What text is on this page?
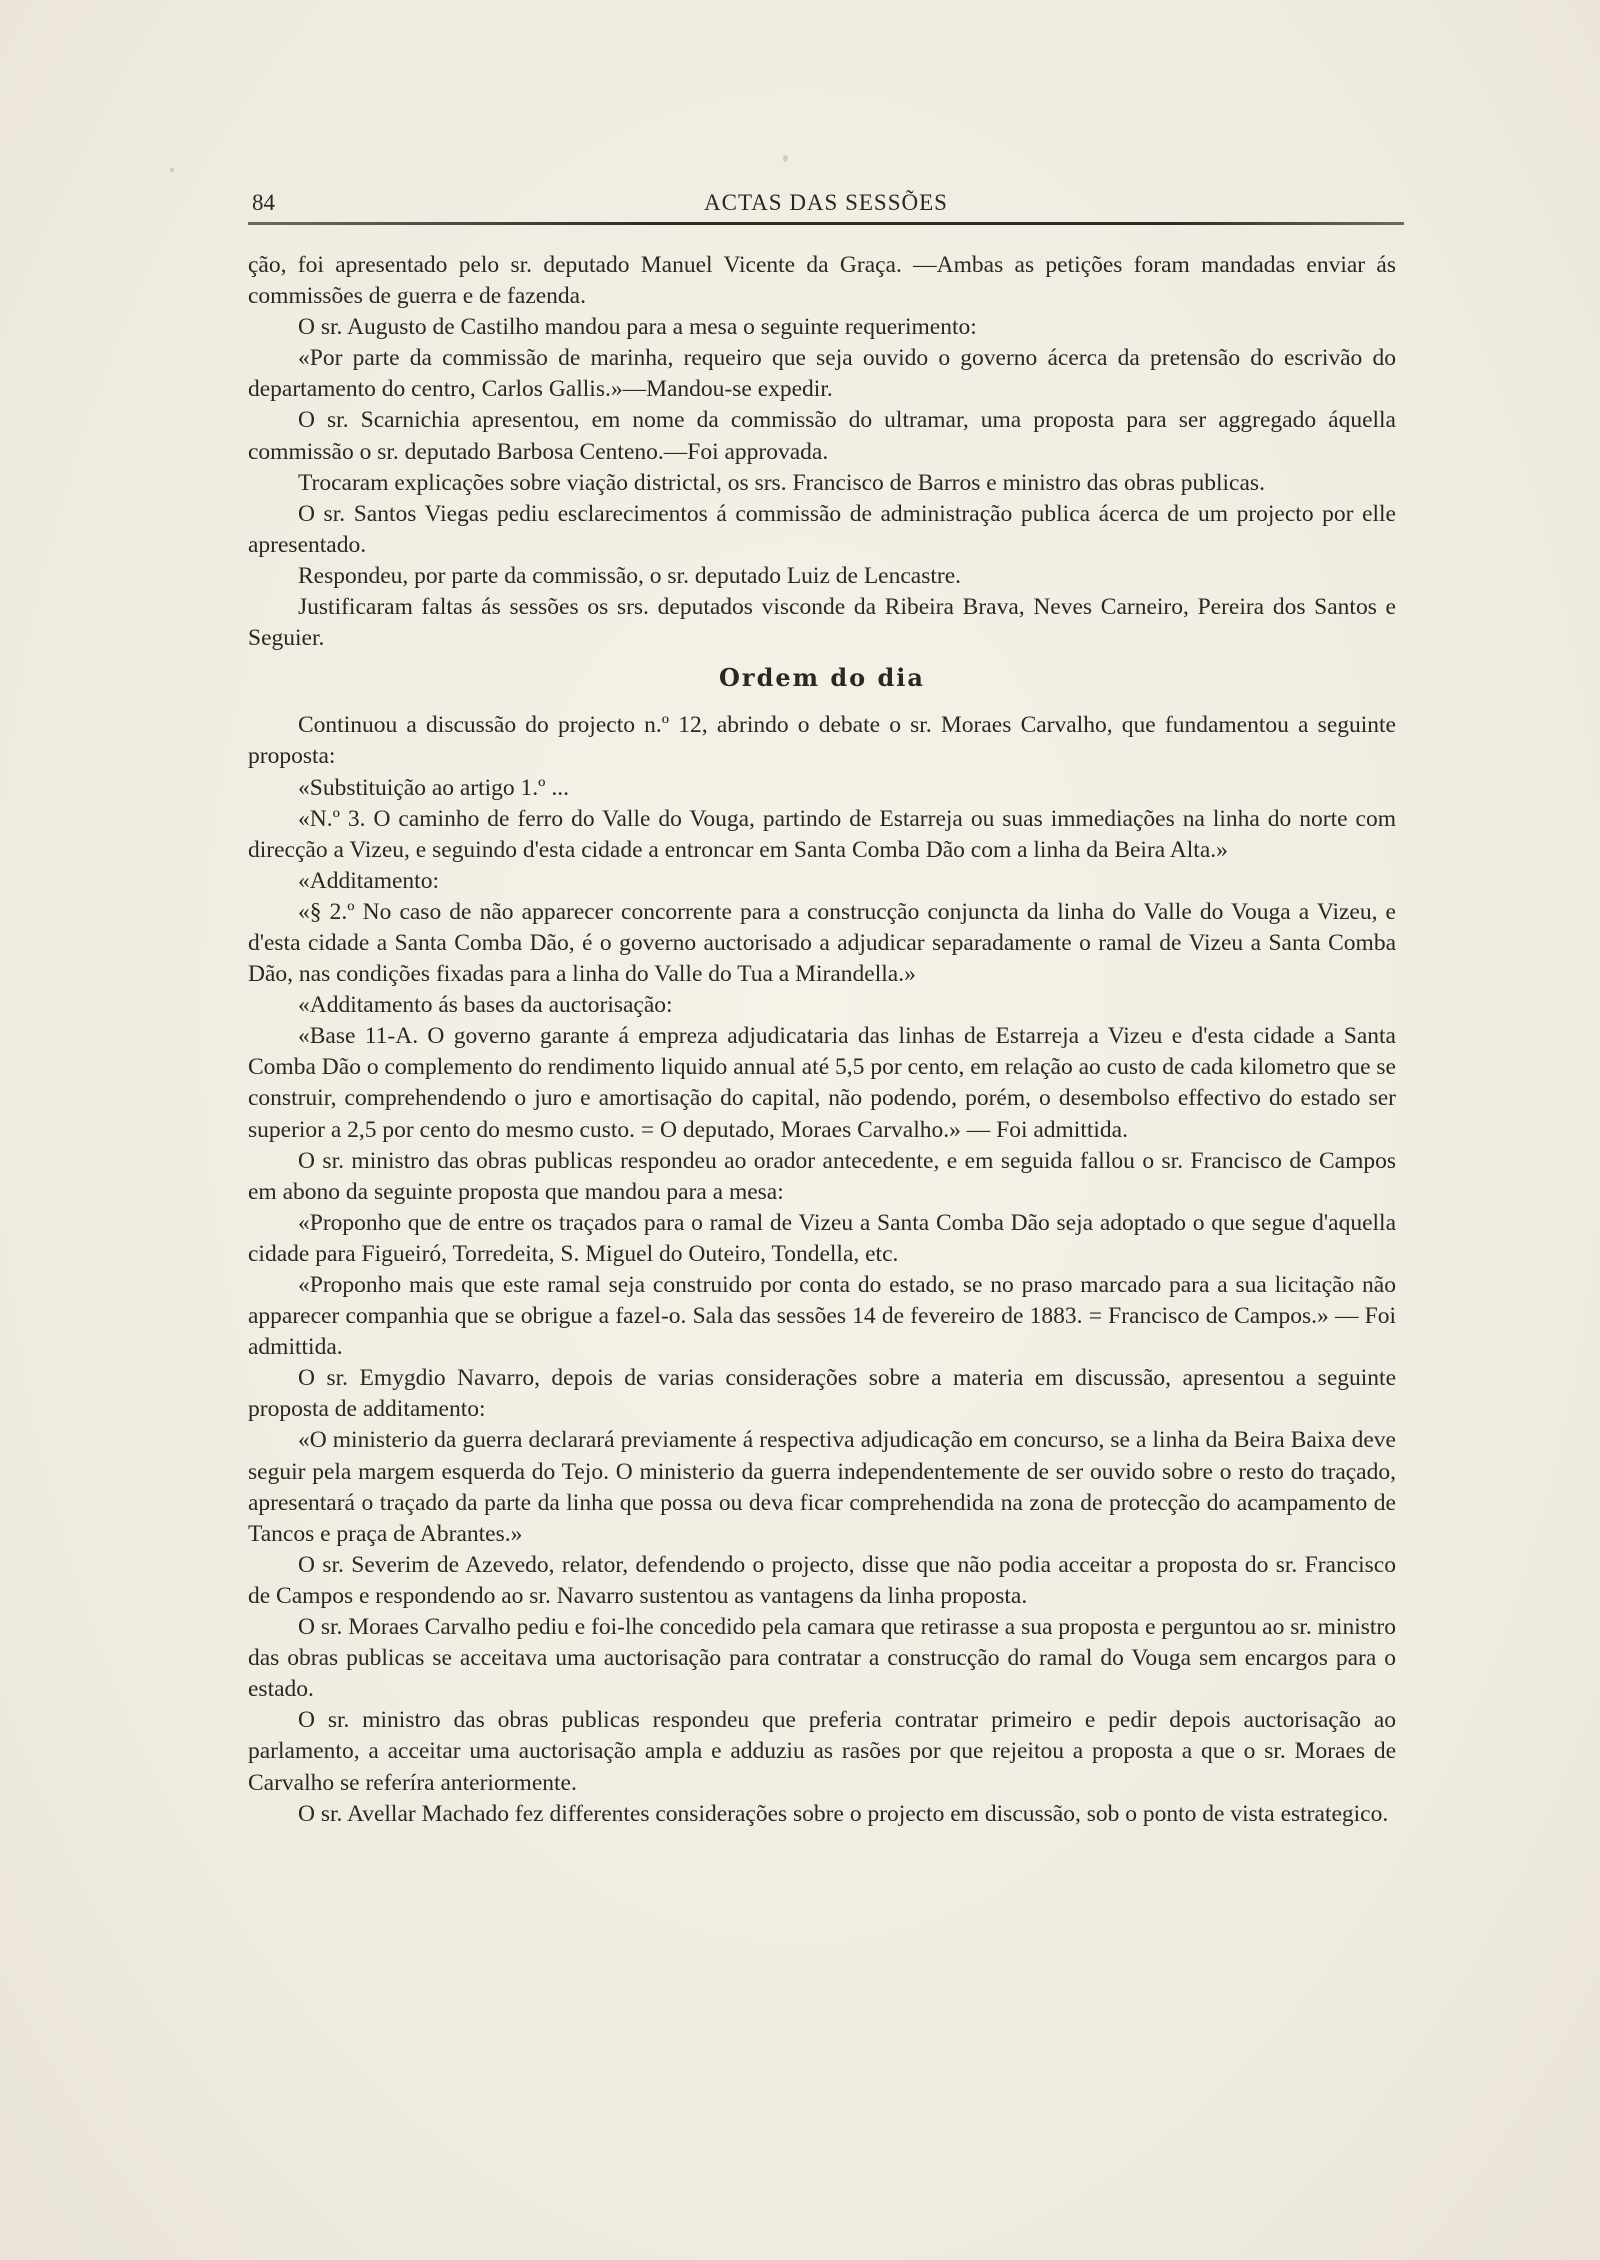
84	ACTAS DAS SESSÕES

ção, foi apresentado pelo sr. deputado Manuel Vicente da Graça. —Ambas as petições foram mandadas enviar ás commissões de guerra e de fazenda.

O sr. Augusto de Castilho mandou para a mesa o seguinte requerimento:

«Por parte da commissão de marinha, requeiro que seja ouvido o governo ácerca da pretensão do escrivão do departamento do centro, Carlos Gallis.»—Mandou-se expedir.

O sr. Scarnichia apresentou, em nome da commissão do ultramar, uma proposta para ser aggregado áquella commissão o sr. deputado Barbosa Centeno.—Foi approvada.

Trocaram explicações sobre viação districtal, os srs. Francisco de Barros e ministro das obras publicas.

O sr. Santos Viegas pediu esclarecimentos á commissão de administração publica ácerca de um projecto por elle apresentado.

Respondeu, por parte da commissão, o sr. deputado Luiz de Lencastre.

Justificaram faltas ás sessões os srs. deputados visconde da Ribeira Brava, Neves Carneiro, Pereira dos Santos e Seguier.

Ordem do dia

Continuou a discussão do projecto n.º 12, abrindo o debate o sr. Moraes Carvalho, que fundamentou a seguinte proposta:

«Substituição ao artigo 1.º ...

«N.º 3. O caminho de ferro do Valle do Vouga, partindo de Estarreja ou suas immediações na linha do norte com direcção a Vizeu, e seguindo d'esta cidade a entroncar em Santa Comba Dão com a linha da Beira Alta.»

«Additamento:

«§ 2.º No caso de não apparecer concorrente para a construcção conjuncta da linha do Valle do Vouga a Vizeu, e d'esta cidade a Santa Comba Dão, é o governo auctorisado a adjudicar separadamente o ramal de Vizeu a Santa Comba Dão, nas condições fixadas para a linha do Valle do Tua a Mirandella.»

«Additamento ás bases da auctorisação:

«Base 11-A. O governo garante á empreza adjudicataria das linhas de Estarreja a Vizeu e d'esta cidade a Santa Comba Dão o complemento do rendimento liquido annual até 5,5 por cento, em relação ao custo de cada kilometro que se construir, comprehendendo o juro e amortisação do capital, não podendo, porém, o desembolso effectivo do estado ser superior a 2,5 por cento do mesmo custo. = O deputado, Moraes Carvalho.» — Foi admittida.

O sr. ministro das obras publicas respondeu ao orador antecedente, e em seguida fallou o sr. Francisco de Campos em abono da seguinte proposta que mandou para a mesa:

«Proponho que de entre os traçados para o ramal de Vizeu a Santa Comba Dão seja adoptado o que segue d'aquella cidade para Figueiró, Torredeita, S. Miguel do Outeiro, Tondella, etc.

«Proponho mais que este ramal seja construido por conta do estado, se no praso marcado para a sua licitação não apparecer companhia que se obrigue a fazel-o. Sala das sessões 14 de fevereiro de 1883. = Francisco de Campos.» — Foi admittida.

O sr. Emygdio Navarro, depois de varias considerações sobre a materia em discussão, apresentou a seguinte proposta de additamento:

«O ministerio da guerra declarará previamente á respectiva adjudicação em concurso, se a linha da Beira Baixa deve seguir pela margem esquerda do Tejo. O ministerio da guerra independentemente de ser ouvido sobre o resto do traçado, apresentará o traçado da parte da linha que possa ou deva ficar comprehendida na zona de protecção do acampamento de Tancos e praça de Abrantes.»

O sr. Severim de Azevedo, relator, defendendo o projecto, disse que não podia acceitar a proposta do sr. Francisco de Campos e respondendo ao sr. Navarro sustentou as vantagens da linha proposta.

O sr. Moraes Carvalho pediu e foi-lhe concedido pela camara que retirasse a sua proposta e perguntou ao sr. ministro das obras publicas se acceitava uma auctorisação para contratar a construcção do ramal do Vouga sem encargos para o estado.

O sr. ministro das obras publicas respondeu que preferia contratar primeiro e pedir depois auctorisação ao parlamento, a acceitar uma auctorisação ampla e adduziu as rasões por que rejeitou a proposta a que o sr. Moraes de Carvalho se referíra anteriormente.

O sr. Avellar Machado fez differentes considerações sobre o projecto em discussão, sob o ponto de vista estrategico.
